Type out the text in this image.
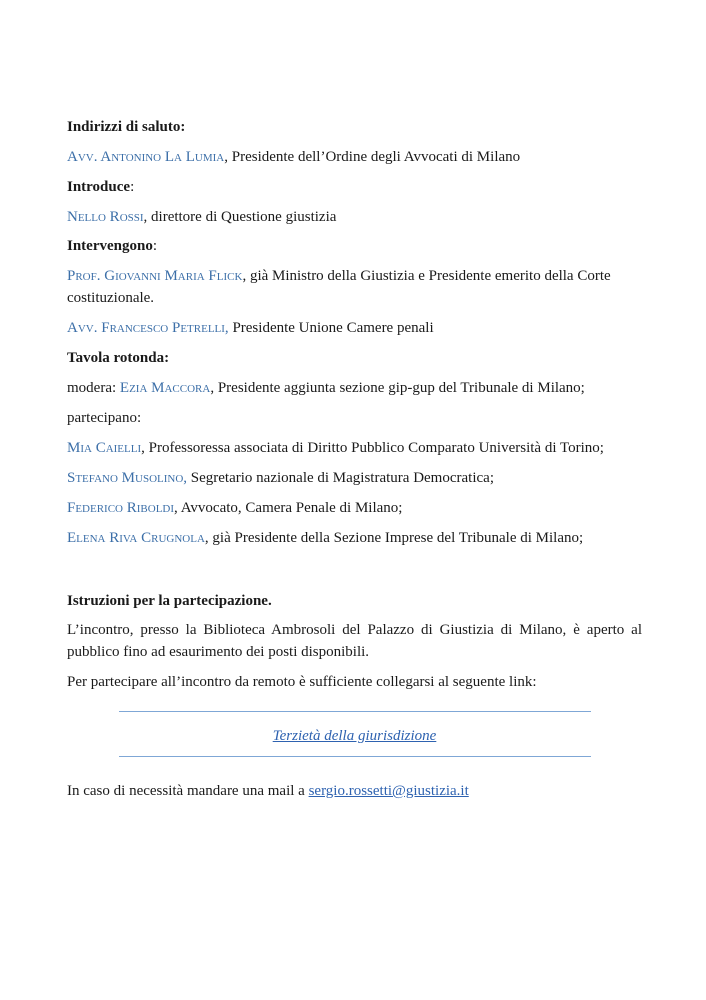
Indirizzi di saluto:
Avv. Antonino La Lumia, Presidente dell’Ordine degli Avvocati di Milano
Introduce:
Nello Rossi, direttore di Questione giustizia
Intervengono:
Prof. Giovanni Maria Flick, già Ministro della Giustizia e Presidente emerito della Corte costituzionale.
Avv. Francesco Petrelli, Presidente Unione Camere penali
Tavola rotonda:
modera: Ezia Maccora, Presidente aggiunta sezione gip-gup del Tribunale di Milano;
partecipano:
Mia Caielli, Professoressa associata di Diritto Pubblico Comparato Università di Torino;
Stefano Musolino, Segretario nazionale di Magistratura Democratica;
Federico Riboldi, Avvocato, Camera Penale di Milano;
Elena Riva Crugnola, già Presidente della Sezione Imprese del Tribunale di Milano;
Istruzioni per la partecipazione.
L’incontro, presso la Biblioteca Ambrosoli del Palazzo di Giustizia di Milano, è aperto al pubblico fino ad esaurimento dei posti disponibili.
Per partecipare all’incontro da remoto è sufficiente collegarsi al seguente link:
Terzietà della giurisdizione
In caso di necessità mandare una mail a sergio.rossetti@giustizia.it
